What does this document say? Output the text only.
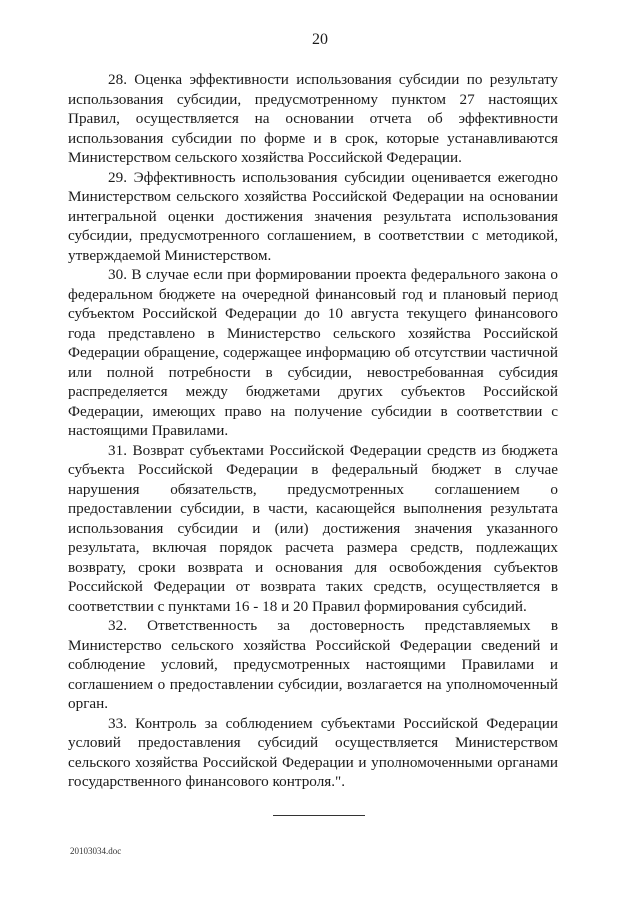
20

28. Оценка эффективности использования субсидии по результату использования субсидии, предусмотренному пунктом 27 настоящих Правил, осуществляется на основании отчета об эффективности использования субсидии по форме и в срок, которые устанавливаются Министерством сельского хозяйства Российской Федерации.

29. Эффективность использования субсидии оценивается ежегодно Министерством сельского хозяйства Российской Федерации на основании интегральной оценки достижения значения результата использования субсидии, предусмотренного соглашением, в соответствии с методикой, утверждаемой Министерством.

30. В случае если при формировании проекта федерального закона о федеральном бюджете на очередной финансовый год и плановый период субъектом Российской Федерации до 10 августа текущего финансового года представлено в Министерство сельского хозяйства Российской Федерации обращение, содержащее информацию об отсутствии частичной или полной потребности в субсидии, невостребованная субсидия распределяется между бюджетами других субъектов Российской Федерации, имеющих право на получение субсидии в соответствии с настоящими Правилами.

31. Возврат субъектами Российской Федерации средств из бюджета субъекта Российской Федерации в федеральный бюджет в случае нарушения обязательств, предусмотренных соглашением о предоставлении субсидии, в части, касающейся выполнения результата использования субсидии и (или) достижения значения указанного результата, включая порядок расчета размера средств, подлежащих возврату, сроки возврата и основания для освобождения субъектов Российской Федерации от возврата таких средств, осуществляется в соответствии с пунктами 16 - 18 и 20 Правил формирования субсидий.

32. Ответственность за достоверность представляемых в Министерство сельского хозяйства Российской Федерации сведений и соблюдение условий, предусмотренных настоящими Правилами и соглашением о предоставлении субсидии, возлагается на уполномоченный орган.

33. Контроль за соблюдением субъектами Российской Федерации условий предоставления субсидий осуществляется Министерством сельского хозяйства Российской Федерации и уполномоченными органами государственного финансового контроля.".

20103034.doc
